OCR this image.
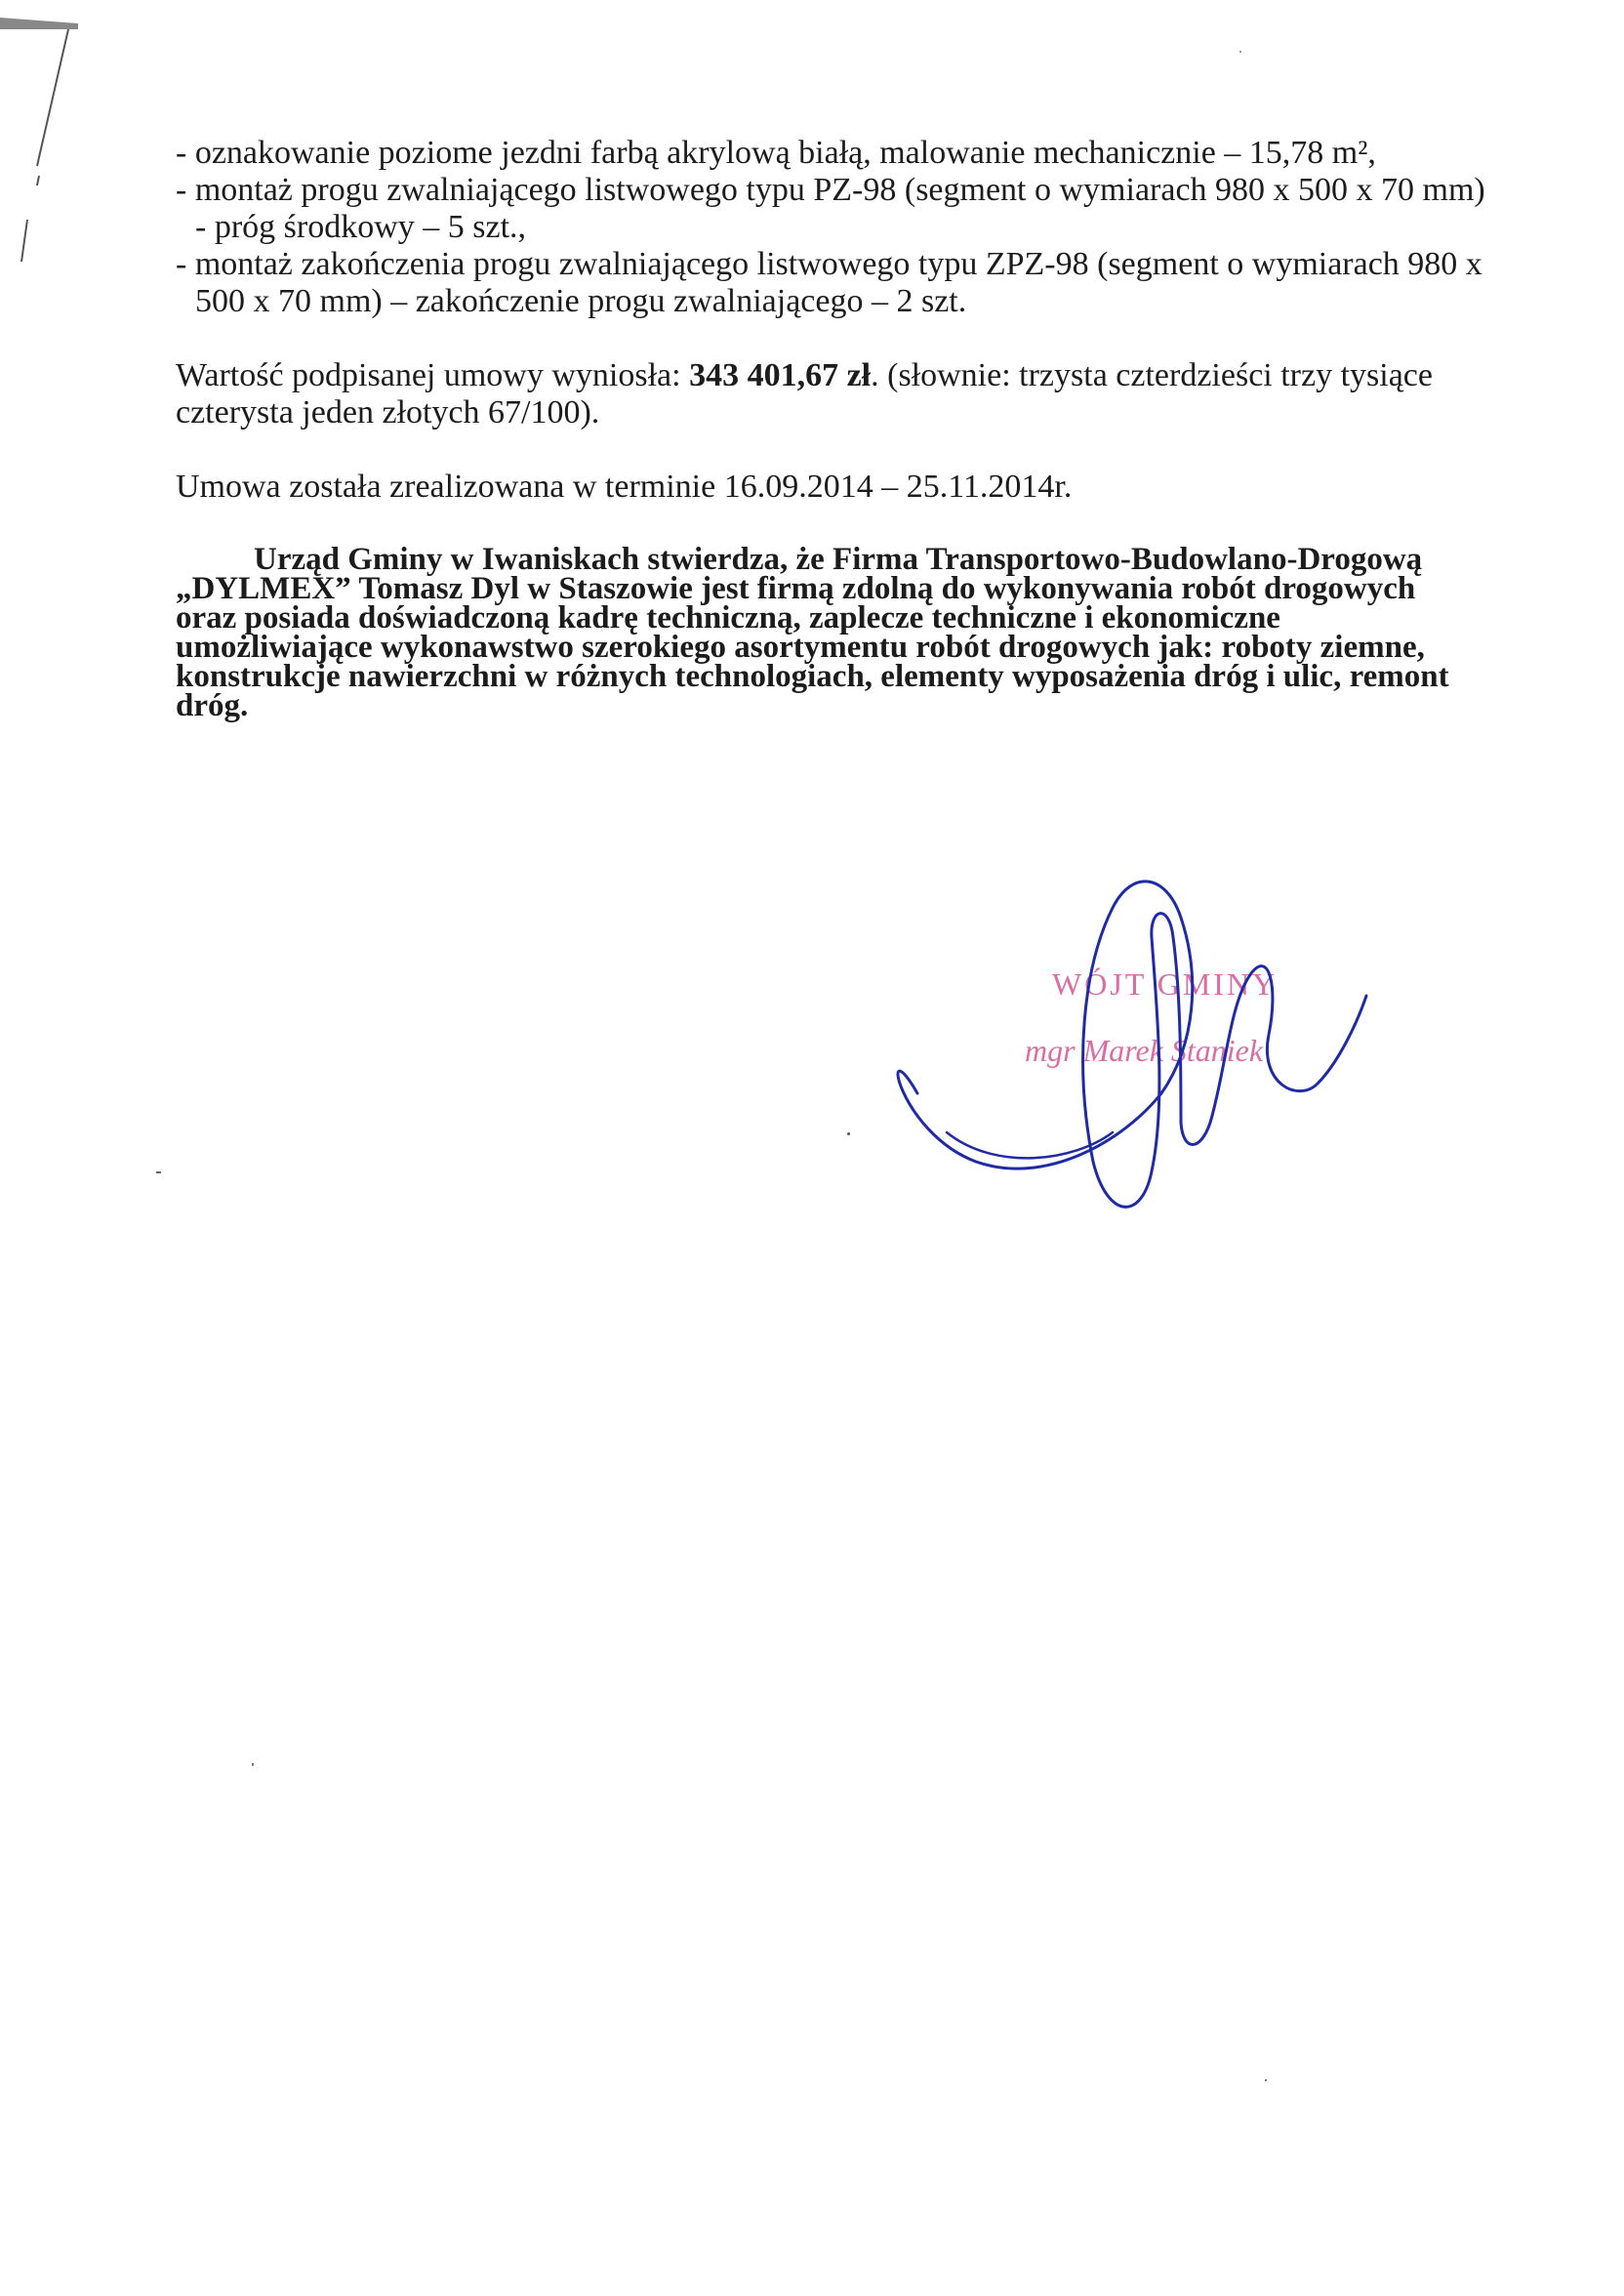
- oznakowanie poziome jezdni farbą akrylową białą, malowanie mechanicznie – 15,78 m²,
- montaż progu zwalniającego listwowego typu PZ-98 (segment o wymiarach 980 x 500 x 70 mm)
- próg środkowy – 5 szt.,
- montaż zakończenia progu zwalniającego listwowego typu ZPZ-98 (segment o wymiarach 980 x
500 x 70 mm) – zakończenie progu zwalniającego – 2 szt.
Wartość podpisanej umowy wyniosła: 343 401,67 zł. (słownie: trzysta czterdzieści trzy tysiące
czterysta jeden złotych 67/100).
Umowa została zrealizowana w terminie 16.09.2014 – 25.11.2014r.
Urząd Gminy w Iwaniskach stwierdza, że Firma Transportowo-Budowlano-Drogową
„DYLMEX” Tomasz Dyl w Staszowie jest firmą zdolną do wykonywania robót drogowych
oraz posiada doświadczoną kadrę techniczną, zaplecze techniczne i ekonomiczne
umożliwiające wykonawstwo szerokiego asortymentu robót drogowych jak: roboty ziemne,
konstrukcje nawierzchni w różnych technologiach, elementy wyposażenia dróg i ulic, remont
dróg.
WÓJT GMINY
mgr Marek Staniek
